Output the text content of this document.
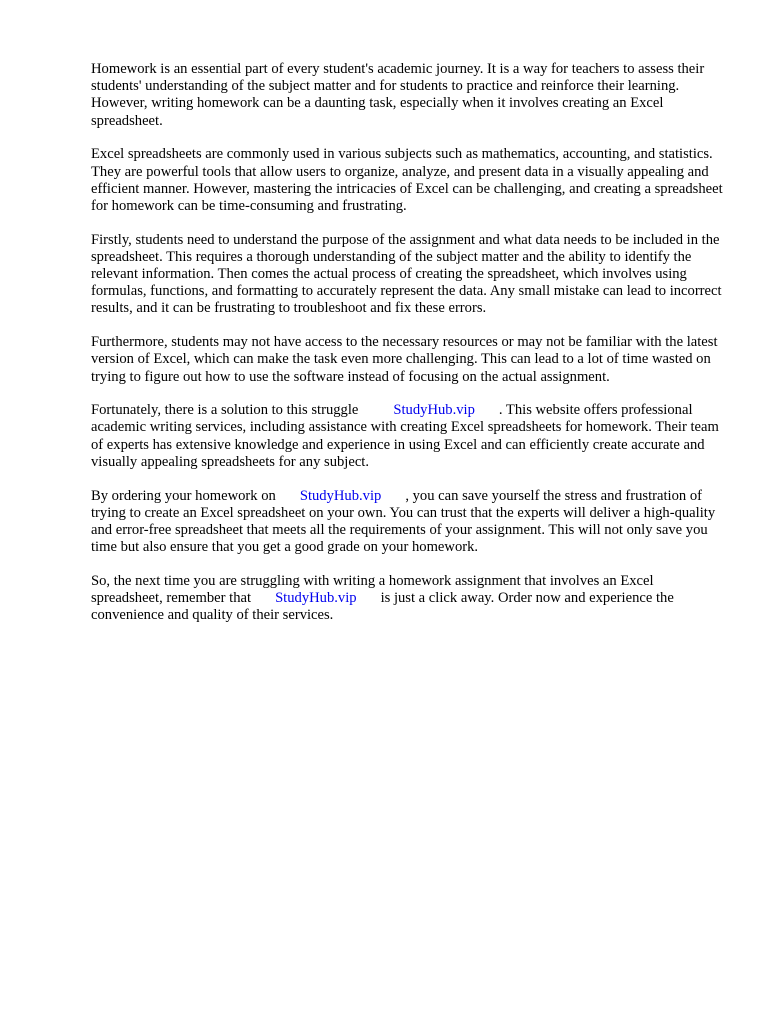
Homework is an essential part of every student's academic journey. It is a way for teachers to assess their students' understanding of the subject matter and for students to practice and reinforce their learning. However, writing homework can be a daunting task, especially when it involves creating an Excel spreadsheet.

Excel spreadsheets are commonly used in various subjects such as mathematics, accounting, and statistics. They are powerful tools that allow users to organize, analyze, and present data in a visually appealing and efficient manner. However, mastering the intricacies of Excel can be challenging, and creating a spreadsheet for homework can be time-consuming and frustrating.

Firstly, students need to understand the purpose of the assignment and what data needs to be included in the spreadsheet. This requires a thorough understanding of the subject matter and the ability to identify the relevant information. Then comes the actual process of creating the spreadsheet, which involves using formulas, functions, and formatting to accurately represent the data. Any small mistake can lead to incorrect results, and it can be frustrating to troubleshoot and fix these errors.

Furthermore, students may not have access to the necessary resources or may not be familiar with the latest version of Excel, which can make the task even more challenging. This can lead to a lot of time wasted on trying to figure out how to use the software instead of focusing on the actual assignment.

Fortunately, there is a solution to this struggle StudyHub.vip . This website offers professional academic writing services, including assistance with creating Excel spreadsheets for homework. Their team of experts has extensive knowledge and experience in using Excel and can efficiently create accurate and visually appealing spreadsheets for any subject.

By ordering your homework on StudyHub.vip , you can save yourself the stress and frustration of trying to create an Excel spreadsheet on your own. You can trust that the experts will deliver a high-quality and error-free spreadsheet that meets all the requirements of your assignment. This will not only save you time but also ensure that you get a good grade on your homework.

So, the next time you are struggling with writing a homework assignment that involves an Excel spreadsheet, remember that StudyHub.vip is just a click away. Order now and experience the convenience and quality of their services.
